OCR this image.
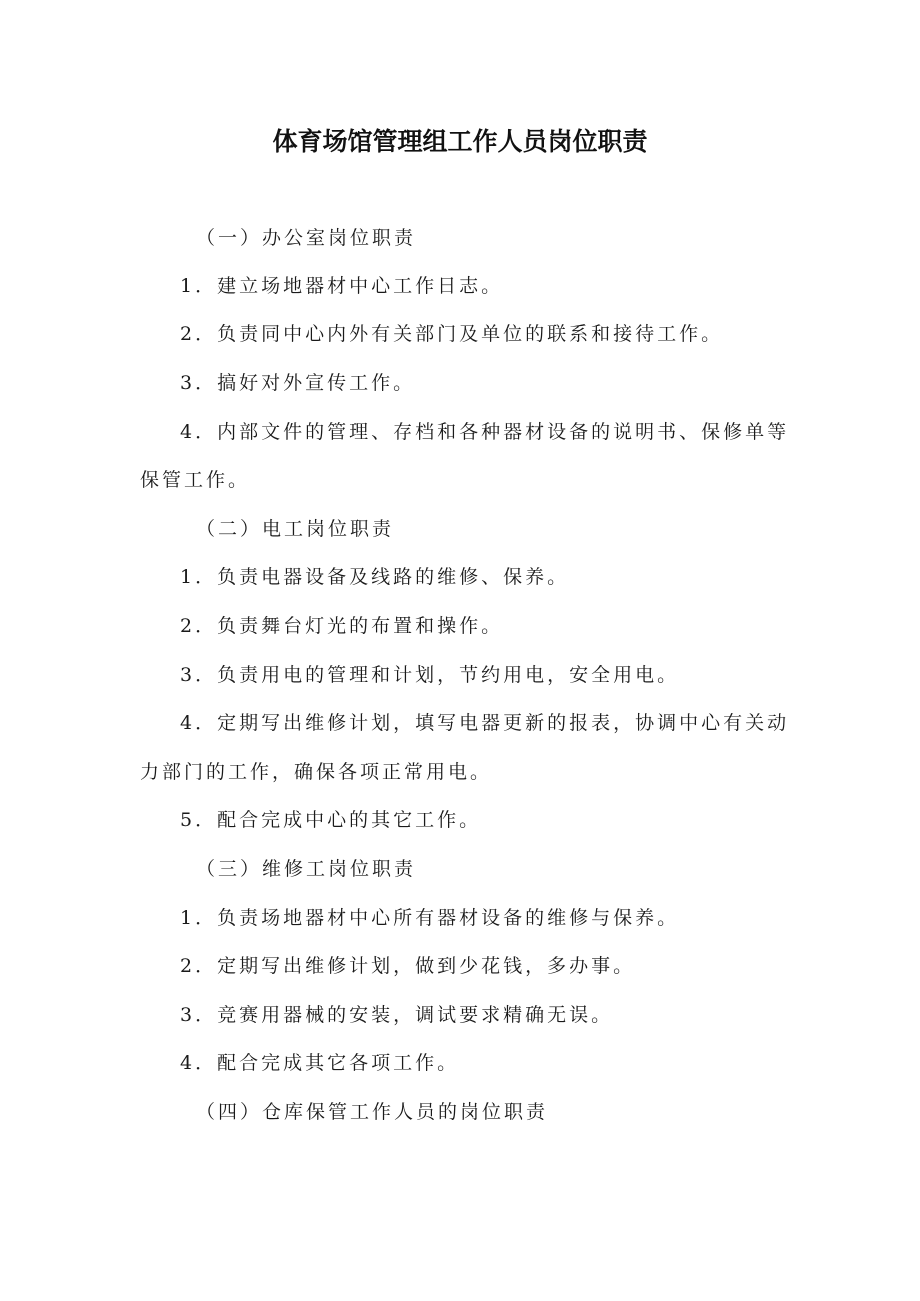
体育场馆管理组工作人员岗位职责
（一）办公室岗位职责
1．建立场地器材中心工作日志。
2．负责同中心内外有关部门及单位的联系和接待工作。
3．搞好对外宣传工作。
4．内部文件的管理、存档和各种器材设备的说明书、保修单等
保管工作。
（二）电工岗位职责
1．负责电器设备及线路的维修、保养。
2．负责舞台灯光的布置和操作。
3．负责用电的管理和计划，节约用电，安全用电。
4．定期写出维修计划，填写电器更新的报表，协调中心有关动
力部门的工作，确保各项正常用电。
5．配合完成中心的其它工作。
（三）维修工岗位职责
1．负责场地器材中心所有器材设备的维修与保养。
2．定期写出维修计划，做到少花钱，多办事。
3．竞赛用器械的安装，调试要求精确无误。
4．配合完成其它各项工作。
（四）仓库保管工作人员的岗位职责
